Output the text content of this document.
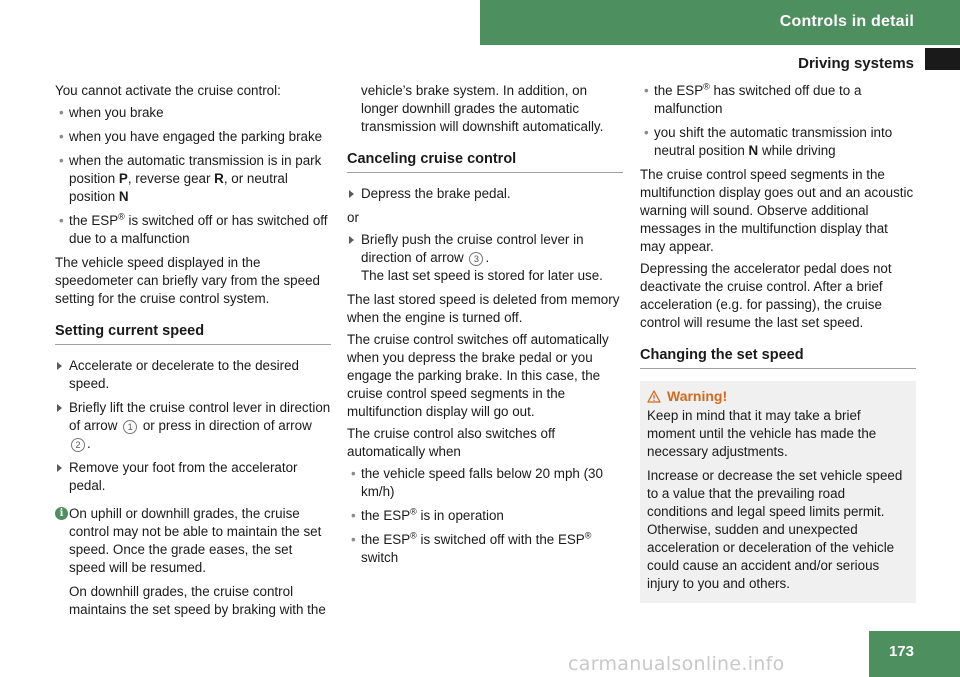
Controls in detail
Driving systems

You cannot activate the cruise control:

• when you brake
• when you have engaged the parking brake
• when the automatic transmission is in park position P, reverse gear R, or neutral position N
• the ESP® is switched off or has switched off due to a malfunction

The vehicle speed displayed in the speedometer can briefly vary from the speed setting for the cruise control system.

Setting current speed
Accelerate or decelerate to the desired speed.
Briefly lift the cruise control lever in direction of arrow 1 or press in direction of arrow 2 .
Remove your foot from the accelerator pedal.
i On uphill or downhill grades, the cruise control may not be able to maintain the set speed. Once the grade eases, the set speed will be resumed.

On downhill grades, the cruise control maintains the set speed by braking with the

vehicle’s brake system. In addition, on longer downhill grades the automatic transmission will downshift automatically.

Canceling cruise control
Depress the brake pedal.

or

Briefly push the cruise control lever in direction of arrow 3 .
The last set speed is stored for later use.

The last stored speed is deleted from memory when the engine is turned off.

The cruise control switches off automatically when you depress the brake pedal or you engage the parking brake. In this case, the cruise control speed segments in the multifunction display will go out.

The cruise control also switches off automatically when

• the vehicle speed falls below 20 mph (30 km/h)
• the ESP® is in operation
• the ESP® is switched off with the ESP®
switch
• the ESP® has switched off due to a malfunction
• you shift the automatic transmission into neutral position N while driving

The cruise control speed segments in the multifunction display goes out and an acoustic warning will sound. Observe additional messages in the multifunction display that may appear.

Depressing the accelerator pedal does not deactivate the cruise control. After a brief acceleration (e.g. for passing), the cruise control will resume the last set speed.

Changing the set speed
Warning!

Keep in mind that it may take a brief moment until the vehicle has made the necessary adjustments.

Increase or decrease the set vehicle speed to a value that the prevailing road conditions and legal speed limits permit. Otherwise, sudden and unexpected acceleration or deceleration of the vehicle could cause an accident and/or serious injury to you and others.

173
carmanualsonline.info
